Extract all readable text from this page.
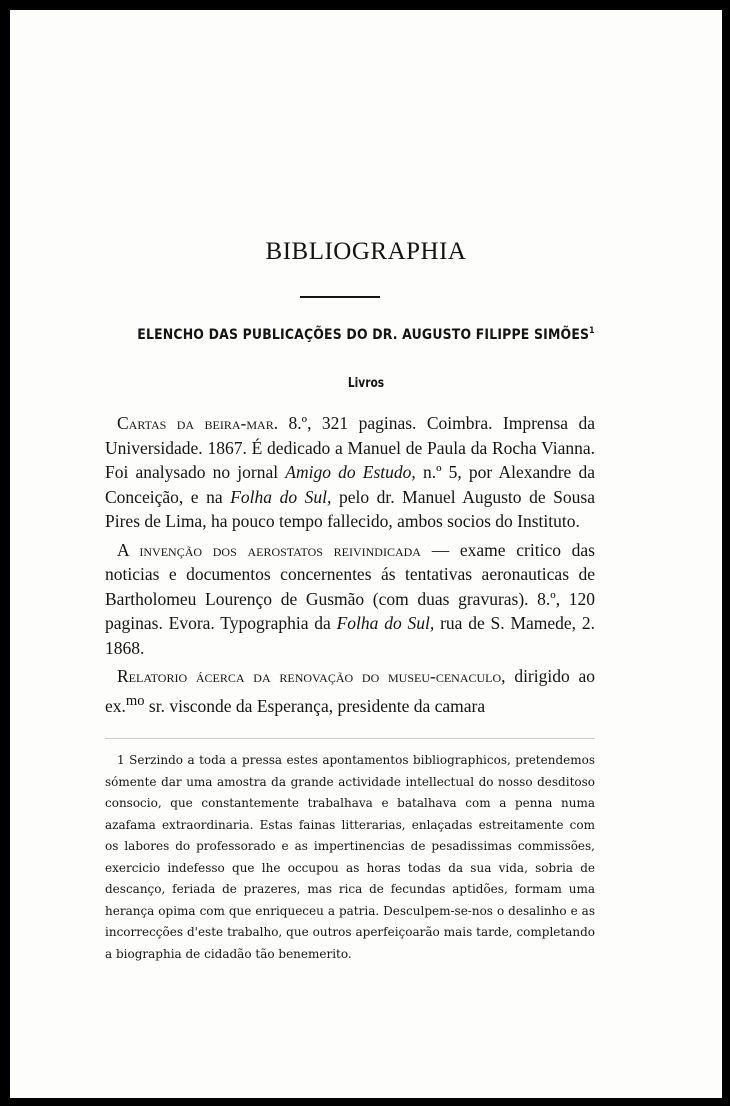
BIBLIOGRAPHIA
ELENCHO DAS PUBLICAÇÕES DO DR. AUGUSTO FILIPPE SIMÕES$^1$
Livros

Cartas da beira-mar. 8.º, 321 paginas. Coimbra. Imprensa da Universidade. 1867. É dedicado a Manuel de Paula da Rocha Vianna. Foi analysado no jornal Amigo do Estudo, n.º 5, por Alexandre da Conceição, e na Folha do Sul, pelo dr. Manuel Augusto de Sousa Pires de Lima, ha pouco tempo fallecido, ambos socios do Instituto.

A invenção dos aerostatos reivindicada — exame critico das noticias e documentos concernentes ás tentativas aeronauticas de Bartholomeu Lourenço de Gusmão (com duas gravuras). 8.º, 120 paginas. Evora. Typographia da Folha do Sul, rua de S. Mamede, 2. 1868.

Relatorio ácerca da renovação do museu-cenaculo, dirigido ao ex.$^{mo}$ sr. visconde da Esperança, presidente da camara

1 Serzindo a toda a pressa estes apontamentos bibliographicos, pretendemos sómente dar uma amostra da grande actividade intellectual do nosso desditoso consocio, que constantemente trabalhava e batalhava com a penna numa azafama extraordinaria. Estas fainas litterarias, enlaçadas estreitamente com os labores do professorado e as impertinencias de pesadissimas commissões, exercicio indefesso que lhe occupou as horas todas da sua vida, sobria de descanço, feriada de prazeres, mas rica de fecundas aptidões, formam uma herança opima com que enriqueceu a patria. Desculpem-se-nos o desalinho e as incorrecções d'este trabalho, que outros aperfeiçoarão mais tarde, completando a biographia de cidadão tão benemerito.
